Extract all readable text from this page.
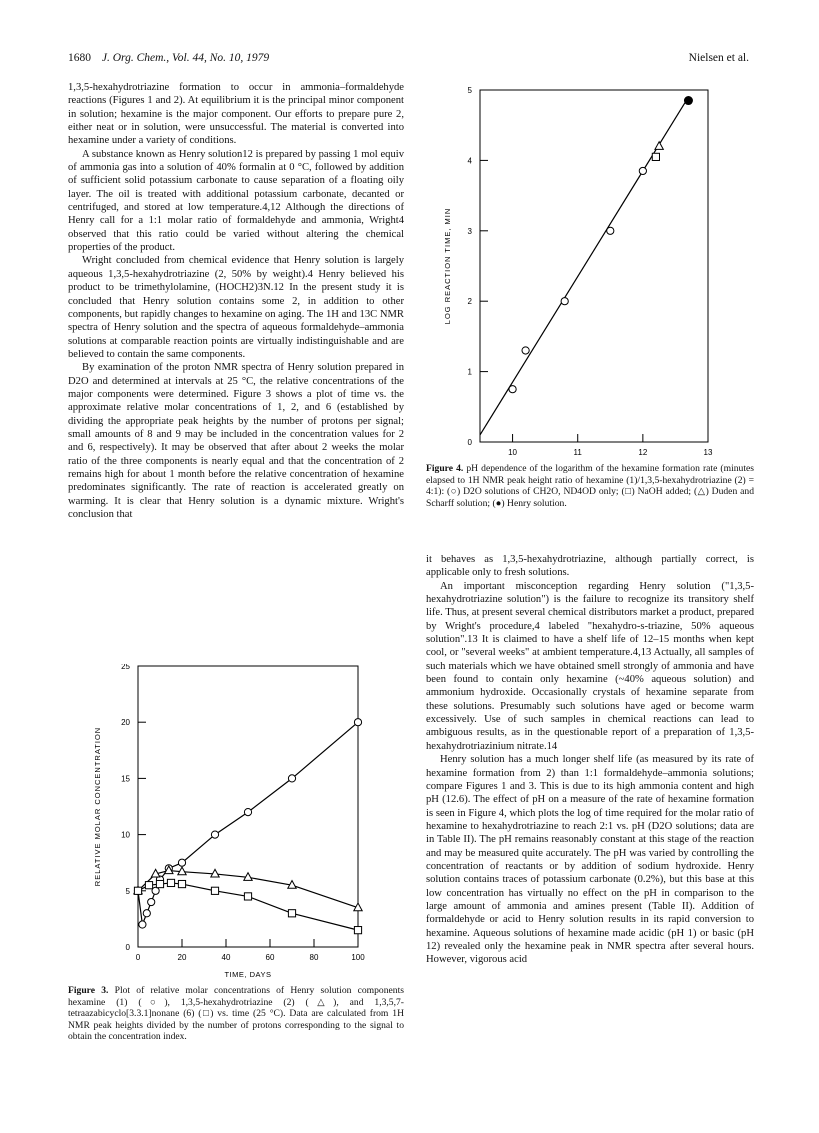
1680 J. Org. Chem., Vol. 44, No. 10, 1979	Nielsen et al.

1,3,5-hexahydrotriazine formation to occur in ammonia–formaldehyde reactions (Figures 1 and 2). At equilibrium it is the principal minor component in solution; hexamine is the major component. Our efforts to prepare pure 2, either neat or in solution, were unsuccessful. The material is converted into hexamine under a variety of conditions.

A substance known as Henry solution12 is prepared by passing 1 mol equiv of ammonia gas into a solution of 40% formalin at 0 °C, followed by addition of sufficient solid potassium carbonate to cause separation of a floating oily layer. The oil is treated with additional potassium carbonate, decanted or centrifuged, and stored at low temperature.4,12 Although the directions of Henry call for a 1:1 molar ratio of formaldehyde and ammonia, Wright4 observed that this ratio could be varied without altering the chemical properties of the product.

Wright concluded from chemical evidence that Henry solution is largely aqueous 1,3,5-hexahydrotriazine (2, 50% by weight).4 Henry believed his product to be trimethylolamine, (HOCH2)3N.12 In the present study it is concluded that Henry solution contains some 2, in addition to other components, but rapidly changes to hexamine on aging. The 1H and 13C NMR spectra of Henry solution and the spectra of aqueous formaldehyde–ammonia solutions at comparable reaction points are virtually indistinguishable and are believed to contain the same components.

By examination of the proton NMR spectra of Henry solution prepared in D2O and determined at intervals at 25 °C, the relative concentrations of the major components were determined. Figure 3 shows a plot of time vs. the approximate relative molar concentrations of 1, 2, and 6 (established by dividing the appropriate peak heights by the number of protons per signal; small amounts of 8 and 9 may be included in the concentration values for 2 and 6, respectively). It may be observed that after about 2 weeks the molar ratio of the three components is nearly equal and that the concentration of 2 remains high for about 1 month before the relative concentration of hexamine predominates significantly. The rate of reaction is accelerated greatly on warming. It is clear that Henry solution is a dynamic mixture. Wright's conclusion that

0	20	40	60	80	100
0
5
10
15
20
25
TIME, DAYS
RELATIVE MOLAR CONCENTRATION
Figure 3. Plot of relative molar concentrations of Henry solution components hexamine (1) (○), 1,3,5-hexahydrotriazine (2) (△), and 1,3,5,7-tetraazabicyclo[3.3.1]nonane (6) (□) vs. time (25 °C). Data are calculated from 1H NMR peak heights divided by the number of protons corresponding to the signal to obtain the concentration index.
10	11	12	13
0
1
2
3
4
5
LOG REACTION TIME, MIN
Figure 4. pH dependence of the logarithm of the hexamine formation rate (minutes elapsed to 1H NMR peak height ratio of hexamine (1)/1,3,5-hexahydrotriazine (2) = 4:1): (○) D2O solutions of CH2O, ND4OD only; (□) NaOH added; (△) Duden and Scharff solution; (●) Henry solution.

it behaves as 1,3,5-hexahydrotriazine, although partially correct, is applicable only to fresh solutions.

An important misconception regarding Henry solution ("1,3,5-hexahydrotriazine solution") is the failure to recognize its transitory shelf life. Thus, at present several chemical distributors market a product, prepared by Wright's procedure,4 labeled "hexahydro-s-triazine, 50% aqueous solution".13 It is claimed to have a shelf life of 12–15 months when kept cool, or "several weeks" at ambient temperature.4,13 Actually, all samples of such materials which we have obtained smell strongly of ammonia and have been found to contain only hexamine (~40% aqueous solution) and ammonium hydroxide. Occasionally crystals of hexamine separate from these solutions. Presumably such solutions have aged or become warm excessively. Use of such samples in chemical reactions can lead to ambiguous results, as in the questionable report of a preparation of 1,3,5-hexahydrotriazinium nitrate.14

Henry solution has a much longer shelf life (as measured by its rate of hexamine formation from 2) than 1:1 formaldehyde–ammonia solutions; compare Figures 1 and 3. This is due to its high ammonia content and high pH (12.6). The effect of pH on a measure of the rate of hexamine formation is seen in Figure 4, which plots the log of time required for the molar ratio of hexamine to hexahydrotriazine to reach 2:1 vs. pH (D2O solutions; data are in Table II). The pH remains reasonably constant at this stage of the reaction and may be measured quite accurately. The pH was varied by controlling the concentration of reactants or by addition of sodium hydroxide. Henry solution contains traces of potassium carbonate (0.2%), but this base at this low concentration has virtually no effect on the pH in comparison to the large amount of ammonia and amines present (Table II). Addition of formaldehyde or acid to Henry solution results in its rapid conversion to hexamine. Aqueous solutions of hexamine made acidic (pH 1) or basic (pH 12) revealed only the hexamine peak in NMR spectra after several hours. However, vigorous acid
